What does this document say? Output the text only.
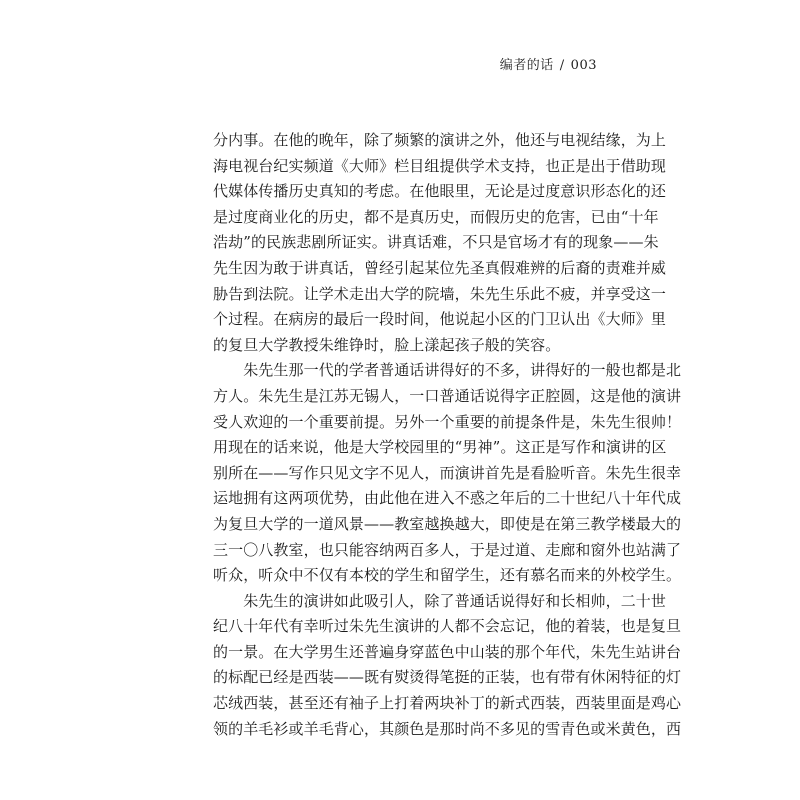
编者的话 / 003
分内事。在他的晚年，除了频繁的演讲之外，他还与电视结缘，为上
海电视台纪实频道《大师》栏目组提供学术支持，也正是出于借助现
代媒体传播历史真知的考虑。在他眼里，无论是过度意识形态化的还
是过度商业化的历史，都不是真历史，而假历史的危害，已由“十年
浩劫”的民族悲剧所证实。讲真话难，不只是官场才有的现象——朱
先生因为敢于讲真话，曾经引起某位先圣真假难辨的后裔的责难并威
胁告到法院。让学术走出大学的院墙，朱先生乐此不疲，并享受这一
个过程。在病房的最后一段时间，他说起小区的门卫认出《大师》里
的复旦大学教授朱维铮时，脸上漾起孩子般的笑容。
　　朱先生那一代的学者普通话讲得好的不多，讲得好的一般也都是北
方人。朱先生是江苏无锡人，一口普通话说得字正腔圆，这是他的演讲
受人欢迎的一个重要前提。另外一个重要的前提条件是，朱先生很帅！
用现在的话来说，他是大学校园里的“男神”。这正是写作和演讲的区
别所在——写作只见文字不见人，而演讲首先是看脸听音。朱先生很幸
运地拥有这两项优势，由此他在进入不惑之年后的二十世纪八十年代成
为复旦大学的一道风景——教室越换越大，即使是在第三教学楼最大的
三一〇八教室，也只能容纳两百多人，于是过道、走廊和窗外也站满了
听众，听众中不仅有本校的学生和留学生，还有慕名而来的外校学生。
　　朱先生的演讲如此吸引人，除了普通话说得好和长相帅，二十世
纪八十年代有幸听过朱先生演讲的人都不会忘记，他的着装，也是复旦
的一景。在大学男生还普遍身穿蓝色中山装的那个年代，朱先生站讲台
的标配已经是西装——既有熨烫得笔挺的正装，也有带有休闲特征的灯
芯绒西装，甚至还有袖子上打着两块补丁的新式西装，西装里面是鸡心
领的羊毛衫或羊毛背心，其颜色是那时尚不多见的雪青色或米黄色，西
